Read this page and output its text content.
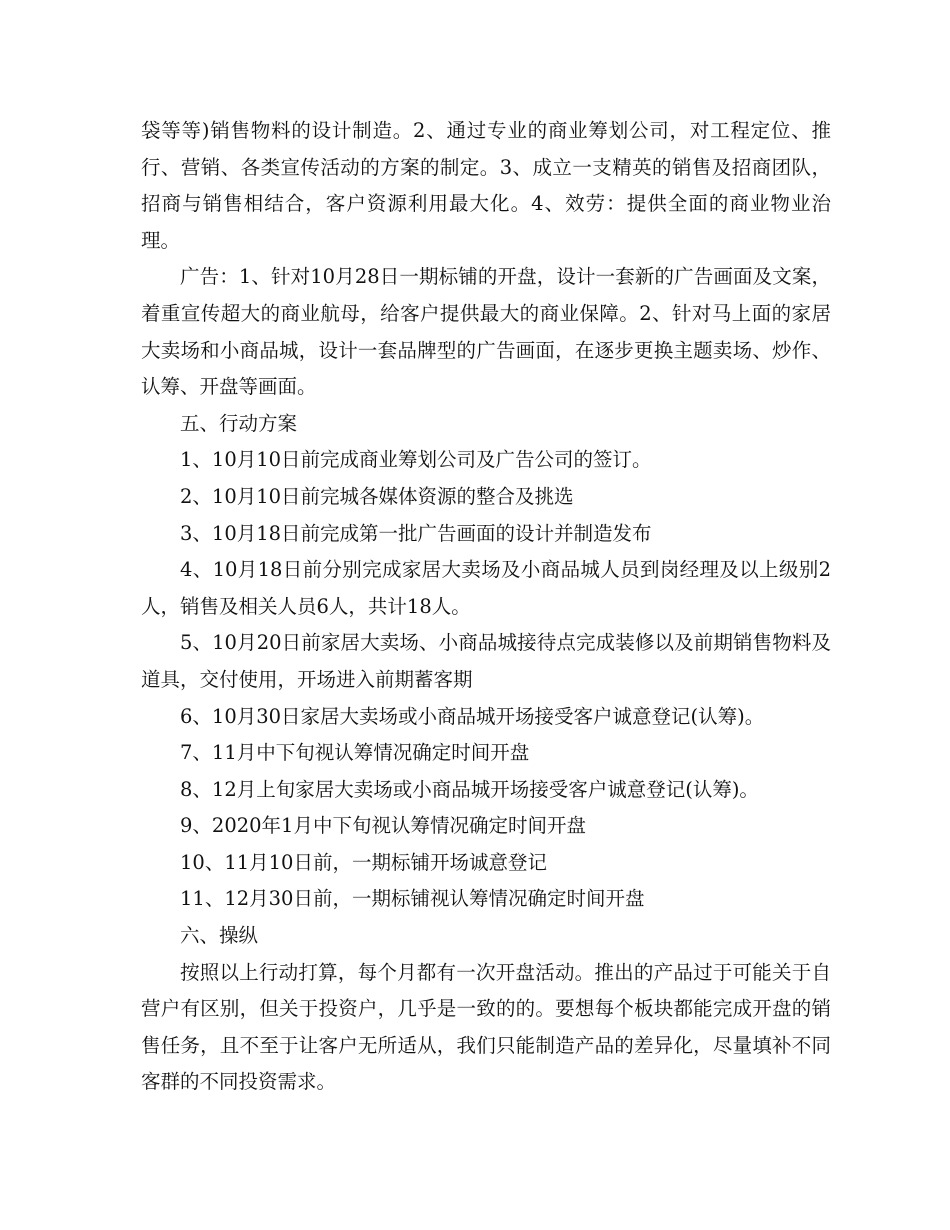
袋等等)销售物料的设计制造。2、通过专业的商业筹划公司，对工程定位、推行、营销、各类宣传活动的方案的制定。3、成立一支精英的销售及招商团队，招商与销售相结合，客户资源利用最大化。4、效劳：提供全面的商业物业治理。

广告：1、针对10月28日一期标铺的开盘，设计一套新的广告画面及文案，着重宣传超大的商业航母，给客户提供最大的商业保障。2、针对马上面的家居大卖场和小商品城，设计一套品牌型的广告画面，在逐步更换主题卖场、炒作、认筹、开盘等画面。

五、行动方案

1、10月10日前完成商业筹划公司及广告公司的签订。

2、10月10日前完城各媒体资源的整合及挑选

3、10月18日前完成第一批广告画面的设计并制造发布

4、10月18日前分别完成家居大卖场及小商品城人员到岗经理及以上级别2人，销售及相关人员6人，共计18人。

5、10月20日前家居大卖场、小商品城接待点完成装修以及前期销售物料及道具，交付使用，开场进入前期蓄客期

6、10月30日家居大卖场或小商品城开场接受客户诚意登记(认筹)。

7、11月中下旬视认筹情况确定时间开盘

8、12月上旬家居大卖场或小商品城开场接受客户诚意登记(认筹)。

9、2020年1月中下旬视认筹情况确定时间开盘

10、11月10日前，一期标铺开场诚意登记

11、12月30日前，一期标铺视认筹情况确定时间开盘

六、操纵

按照以上行动打算，每个月都有一次开盘活动。推出的产品过于可能关于自营户有区别，但关于投资户，几乎是一致的的。要想每个板块都能完成开盘的销售任务，且不至于让客户无所适从，我们只能制造产品的差异化，尽量填补不同客群的不同投资需求。
